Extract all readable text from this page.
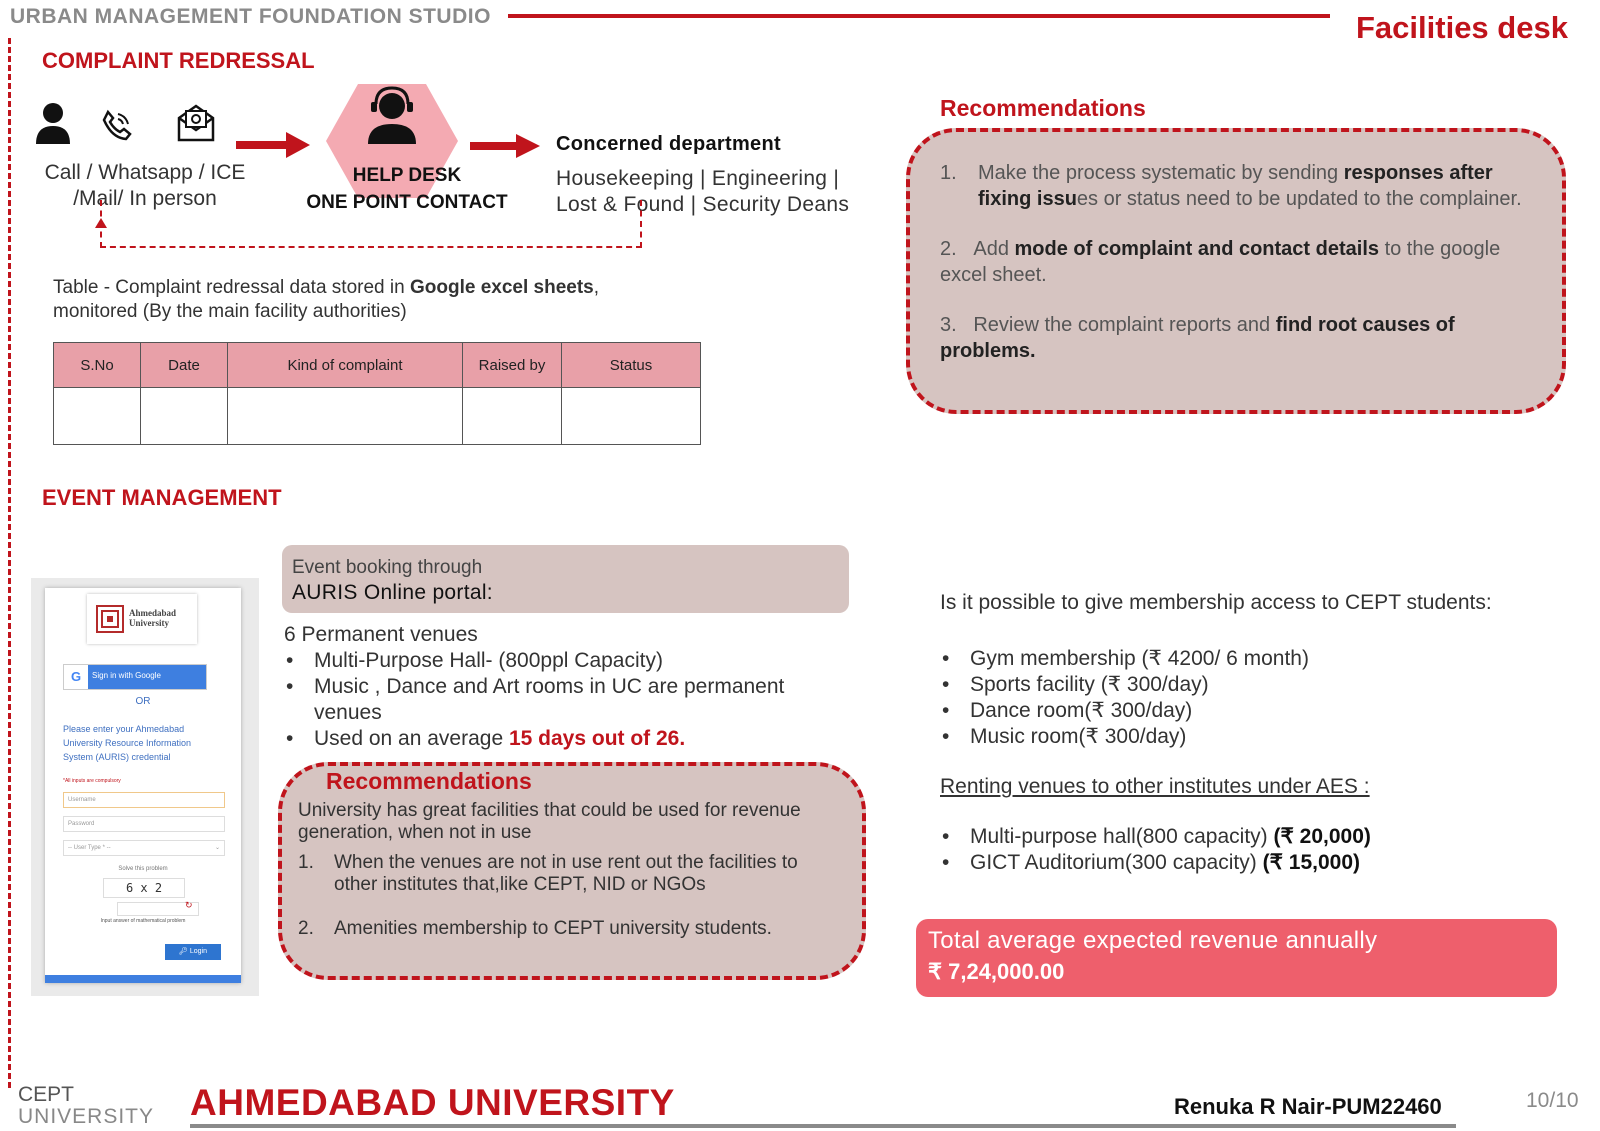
URBAN MANAGEMENT FOUNDATION STUDIO	Facilities desk
COMPLAINT REDRESSAL
Call / Whatsapp / ICE
/Mail/ In person
HELP DESK
ONE POINT CONTACT
Concerned department
Housekeeping | Engineering |
Lost & Found | Security Deans
Table - Complaint redressal data stored in Google excel sheets,
monitored (By the main facility authorities)
S.No	Date	Kind of complaint	Raised by	Status

Recommendations
1. Make the process systematic by sending responses after fixing issues or status need to be updated to the complainer.
2. Add mode of complaint and contact details to the google excel sheet.
3. Review the complaint reports and find root causes of problems.
EVENT MANAGEMENT
Ahmedabad University
G	Sign in with Google
OR
Please enter your Ahmedabad University Resource Information System (AURIS) credential
*All inputs are compulsory
Username
Password
-- User Type * --	⌄
Solve this problem
6 x 2
↻
Input answer of mathematical problem
🔑︎ Login
Event booking through
AURIS Online portal:
6 Permanent venues
• Multi-Purpose Hall- (800ppl Capacity)
• Music , Dance and Art rooms in UC are permanent venues
• Used on an average 15 days out of 26.
Recommendations
University has great facilities that could be used for revenue generation, when not in use
1. When the venues are not in use rent out the facilities to other institutes that,like CEPT, NID or NGOs
2. Amenities membership to CEPT university students.
Is it possible to give membership access to CEPT students:
• Gym membership (₹ 4200/ 6 month)
• Sports facility (₹ 300/day)
• Dance room(₹ 300/day)
• Music room(₹ 300/day)
Renting venues to other institutes under AES :
• Multi-purpose hall(800 capacity) (₹ 20,000)
• GICT Auditorium(300 capacity) (₹ 15,000)
Total average expected revenue annually
₹ 7,24,000.00
CEPT
UNIVERSITY AHMEDABAD UNIVERSITY	Renuka R Nair-PUM22460	10/10
